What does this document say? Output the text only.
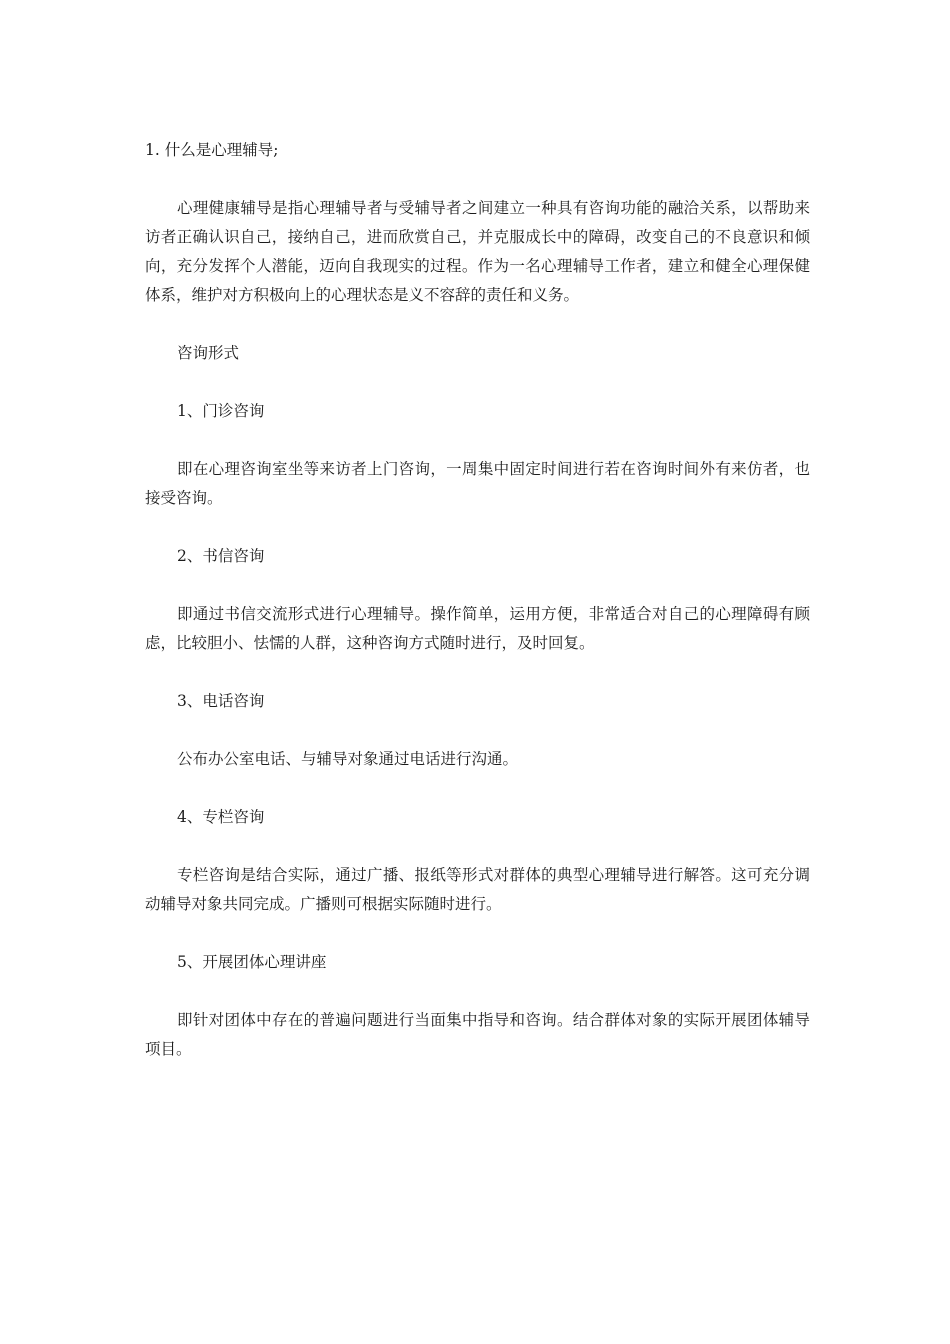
1. 什么是心理辅导;

心理健康辅导是指心理辅导者与受辅导者之间建立一种具有咨询功能的融洽关系，以帮助来访者正确认识自己，接纳自己，进而欣赏自己，并克服成长中的障碍，改变自己的不良意识和倾向，充分发挥个人潜能，迈向自我现实的过程。作为一名心理辅导工作者，建立和健全心理保健体系，维护对方积极向上的心理状态是义不容辞的责任和义务。

咨询形式

1、门诊咨询

即在心理咨询室坐等来访者上门咨询，一周集中固定时间进行若在咨询时间外有来仿者，也接受咨询。

2、书信咨询

即通过书信交流形式进行心理辅导。操作简单，运用方便，非常适合对自己的心理障碍有顾虑，比较胆小、怯懦的人群，这种咨询方式随时进行，及时回复。

3、电话咨询

公布办公室电话、与辅导对象通过电话进行沟通。

4、专栏咨询

专栏咨询是结合实际，通过广播、报纸等形式对群体的典型心理辅导进行解答。这可充分调动辅导对象共同完成。广播则可根据实际随时进行。

5、开展团体心理讲座

即针对团体中存在的普遍问题进行当面集中指导和咨询。结合群体对象的实际开展团体辅导项目。
